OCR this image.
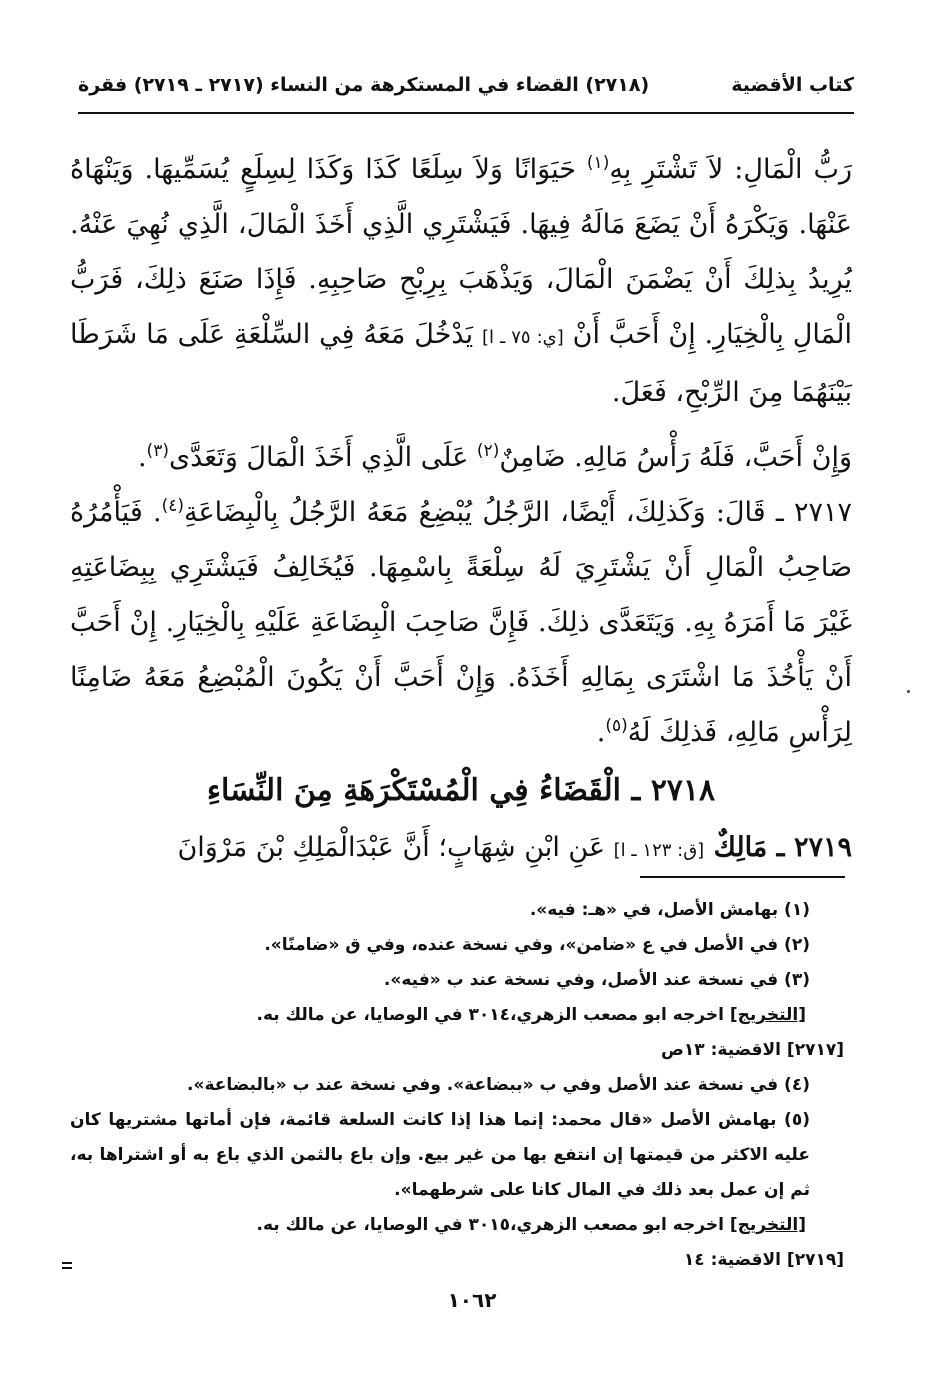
كتاب الأقضية
(٢٧١٨) القضاء في المستكرهة من النساء (٢٧١٧ ـ ٢٧١٩) فقرة

رَبُّ الْمَالِ: لاَ تَشْتَرِ بِهِ$^{(١)}$ حَيَوَانًا وَلاَ سِلَعًا كَذَا وَكَذَا لِسِلَعٍ يُسَمِّيهَا. وَيَنْهَاهُ عَنْهَا. وَيَكْرَهُ أَنْ يَضَعَ مَالَهُ فِيهَا. فَيَشْتَرِي الَّذِي أَخَذَ الْمَالَ، الَّذِي نُهِيَ عَنْهُ. يُرِيدُ بِذلِكَ أَنْ يَضْمَنَ الْمَالَ، وَيَذْهَبَ بِرِبْحِ صَاحِبِهِ. فَإِذَا صَنَعَ ذلِكَ، فَرَبُّ الْمَالِ بِالْخِيَارِ. إِنْ أَحَبَّ أَنْ [ي: ٧٥ ـ ا] يَدْخُلَ مَعَهُ فِي السِّلْعَةِ عَلَى مَا شَرَطَا بَيْنَهُمَا مِنَ الرِّبْحِ، فَعَلَ.

وَإِنْ أَحَبَّ، فَلَهُ رَأْسُ مَالِهِ. ضَامِنٌ$^{(٢)}$ عَلَى الَّذِي أَخَذَ الْمَالَ وَتَعَدَّى$^{(٣)}$.

٢٧١٧ ـ قَالَ: وَكَذلِكَ، أَيْضًا، الرَّجُلُ يُبْضِعُ مَعَهُ الرَّجُلُ بِالْبِضَاعَةِ$^{(٤)}$. فَيَأْمُرُهُ صَاحِبُ الْمَالِ أَنْ يَشْتَرِيَ لَهُ سِلْعَةً بِاسْمِهَا. فَيُخَالِفُ فَيَشْتَرِي بِبِضَاعَتِهِ غَيْرَ مَا أَمَرَهُ بِهِ. وَيَتَعَدَّى ذلِكَ. فَإِنَّ صَاحِبَ الْبِضَاعَةِ عَلَيْهِ بِالْخِيَارِ. إِنْ أَحَبَّ أَنْ يَأْخُذَ مَا اشْتَرَى بِمَالِهِ أَخَذَهُ. وَإِنْ أَحَبَّ أَنْ يَكُونَ الْمُبْضِعُ مَعَهُ ضَامِنًا لِرَأْسِ مَالِهِ، فَذلِكَ لَهُ$^{(٥)}$.

٢٧١٨ ـ الْقَضَاءُ فِي الْمُسْتَكْرَهَةِ مِنَ النِّسَاءِ

٢٧١٩ ـ مَالِكٌ [ق: ١٢٣ ـ ا] عَنِ ابْنِ شِهَابٍ؛ أَنَّ عَبْدَالْمَلِكِ بْنَ مَرْوَانَ

(١) بهامش الأصل، في «هـ: فيه».
(٢) في الأصل في ع «ضامن»، وفي نسخة عنده، وفي ق «ضامنًا».
(٣) في نسخة عند الأصل، وفي نسخة عند ب «فيه».
[التخريج] اخرجه ابو مصعب الزهري،٣٠١٤ في الوصايا، عن مالك به.
[٢٧١٧] الاقضية: ١٣ص
(٤) في نسخة عند الأصل وفي ب «ببضاعة». وفي نسخة عند ب «بالبضاعة».
(٥) بهامش الأصل «قال محمد: إنما هذا إذا كانت السلعة قائمة، فإن أماتها مشتريها كان عليه الاكثر من قيمتها إن انتفع بها من غير بيع. وإن باع بالثمن الذي باع به أو اشتراها به، ثم إن عمل بعد ذلك في المال كانا على شرطهما».
[التخريج] اخرجه ابو مصعب الزهري،٣٠١٥ في الوصايا، عن مالك به.
[٢٧١٩] الاقضية: ١٤
١٠٦٢
